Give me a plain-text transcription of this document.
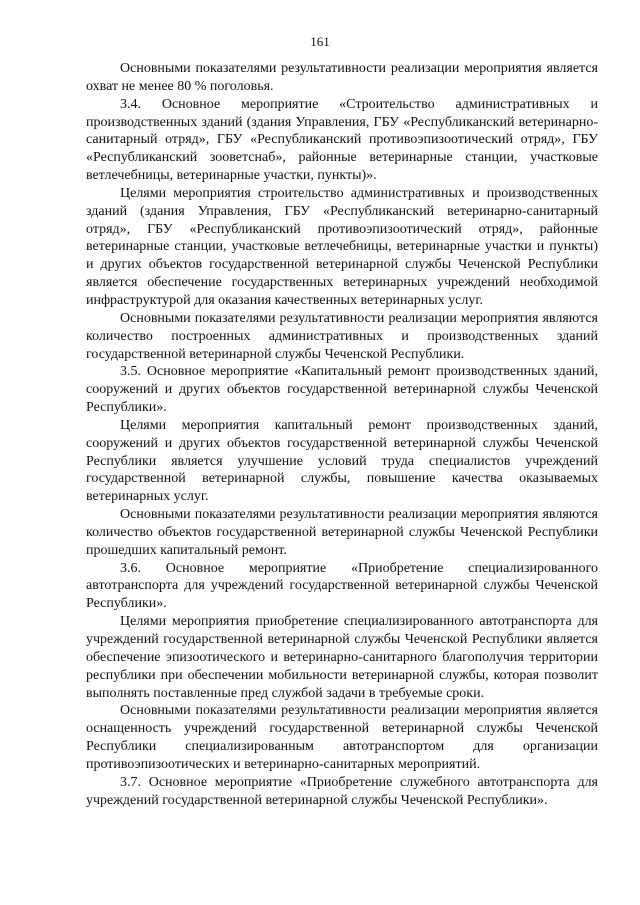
161

Основными показателями результативности реализации мероприятия является охват не менее 80 % поголовья.

3.4. Основное мероприятие «Строительство административных и производственных зданий (здания Управления, ГБУ «Республиканский ветеринарно-санитарный отряд», ГБУ «Республиканский противоэпизоотический отряд», ГБУ «Республиканский зооветснаб», районные ветеринарные станции, участковые ветлечебницы, ветеринарные участки, пункты)».

Целями мероприятия строительство административных и производственных зданий (здания Управления, ГБУ «Республиканский ветеринарно-санитарный отряд», ГБУ «Республиканский противоэпизоотический отряд», районные ветеринарные станции, участковые ветлечебницы, ветеринарные участки и пункты) и других объектов государственной ветеринарной службы Чеченской Республики является обеспечение государственных ветеринарных учреждений необходимой инфраструктурой для оказания качественных ветеринарных услуг.

Основными показателями результативности реализации мероприятия являются количество построенных административных и производственных зданий государственной ветеринарной службы Чеченской Республики.

3.5. Основное мероприятие «Капитальный ремонт производственных зданий, сооружений и других объектов государственной ветеринарной службы Чеченской Республики».

Целями мероприятия капитальный ремонт производственных зданий, сооружений и других объектов государственной ветеринарной службы Чеченской Республики является улучшение условий труда специалистов учреждений государственной ветеринарной службы, повышение качества оказываемых ветеринарных услуг.

Основными показателями результативности реализации мероприятия являются количество объектов государственной ветеринарной службы Чеченской Республики прошедших капитальный ремонт.

3.6. Основное мероприятие «Приобретение специализированного автотранспорта для учреждений государственной ветеринарной службы Чеченской Республики».

Целями мероприятия приобретение специализированного автотранспорта для учреждений государственной ветеринарной службы Чеченской Республики является обеспечение эпизоотического и ветеринарно-санитарного благополучия территории республики при обеспечении мобильности ветеринарной службы, которая позволит выполнять поставленные пред службой задачи в требуемые сроки.

Основными показателями результативности реализации мероприятия является оснащенность учреждений государственной ветеринарной службы Чеченской Республики специализированным автотранспортом для организации противоэпизоотических и ветеринарно-санитарных мероприятий.

3.7. Основное мероприятие «Приобретение служебного автотранспорта для учреждений государственной ветеринарной службы Чеченской Республики».
